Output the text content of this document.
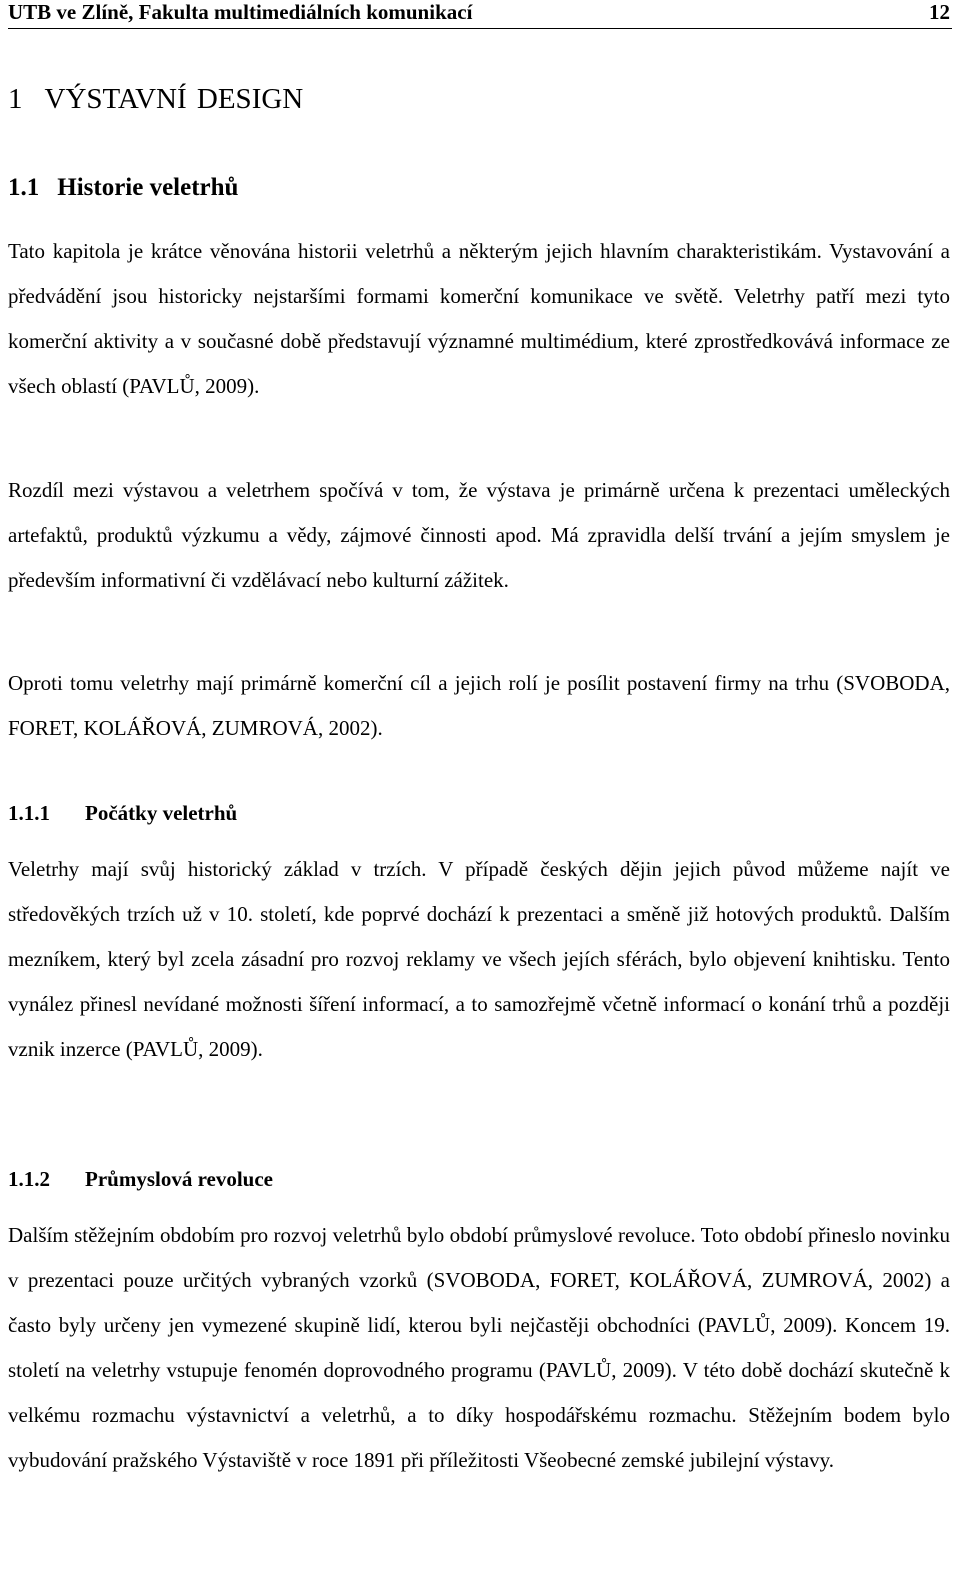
UTB ve Zlíně, Fakulta multimediálních komunikací	12
1 VÝSTAVNÍ DESIGN
1.1 Historie veletrhů

Tato kapitola je krátce věnována historii veletrhů a některým jejich hlavním charakteristikám. Vystavování a předvádění jsou historicky nejstaršími formami komerční komunikace ve světě. Veletrhy patří mezi tyto komerční aktivity a v současné době představují významné multimédium, které zprostředkovává informace ze všech oblastí (PAVLŮ, 2009).

Rozdíl mezi výstavou a veletrhem spočívá v tom, že výstava je primárně určena k prezentaci uměleckých artefaktů, produktů výzkumu a vědy, zájmové činnosti apod. Má zpravidla delší trvání a jejím smyslem je především informativní či vzdělávací nebo kulturní zážitek.

Oproti tomu veletrhy mají primárně komerční cíl a jejich rolí je posílit postavení firmy na trhu (SVOBODA, FORET, KOLÁŘOVÁ, ZUMROVÁ, 2002).

1.1.1 Počátky veletrhů

Veletrhy mají svůj historický základ v trzích. V případě českých dějin jejich původ můžeme najít ve středověkých trzích už v 10. století, kde poprvé dochází k prezentaci a směně již hotových produktů. Dalším mezníkem, který byl zcela zásadní pro rozvoj reklamy ve všech jejích sférách, bylo objevení knihtisku. Tento vynález přinesl nevídané možnosti šíření informací, a to samozřejmě včetně informací o konání trhů a později vznik inzerce (PAVLŮ, 2009).

1.1.2 Průmyslová revoluce

Dalším stěžejním obdobím pro rozvoj veletrhů bylo období průmyslové revoluce. Toto období přineslo novinku v prezentaci pouze určitých vybraných vzorků (SVOBODA, FORET, KOLÁŘOVÁ, ZUMROVÁ, 2002) a často byly určeny jen vymezené skupině lidí, kterou byli nejčastěji obchodníci (PAVLŮ, 2009). Koncem 19. století na veletrhy vstupuje fenomén doprovodného programu (PAVLŮ, 2009). V této době dochází skutečně k velkému rozmachu výstavnictví a veletrhů, a to díky hospodářskému rozmachu. Stěžejním bodem bylo vybudování pražského Výstaviště v roce 1891 při příležitosti Všeobecné zemské jubilejní výstavy.
